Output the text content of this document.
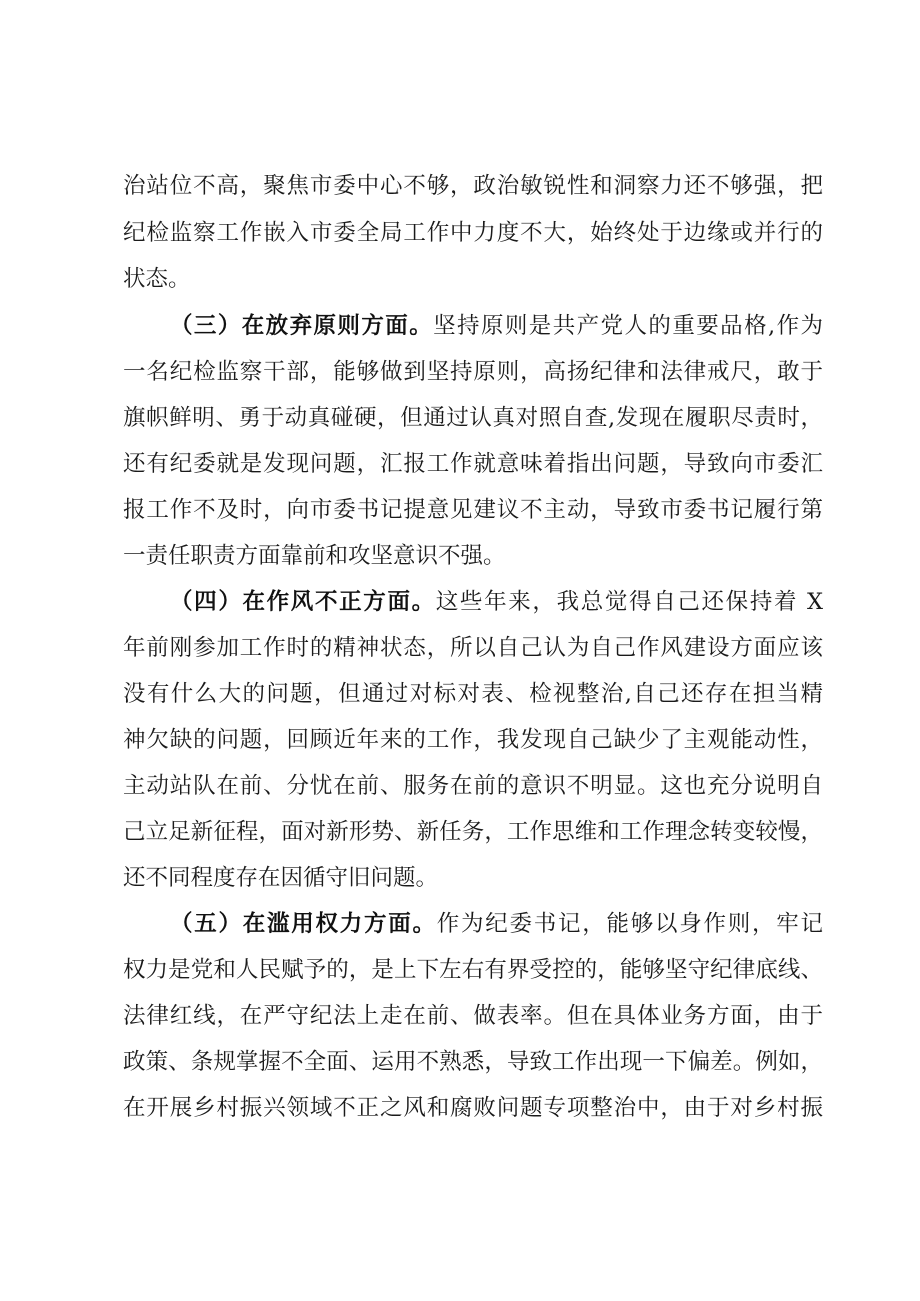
治站位不高，聚焦市委中心不够，政治敏锐性和洞察力还不够强，把
纪检监察工作嵌入市委全局工作中力度不大，始终处于边缘或并行的
状态。
（三）在放弃原则方面。坚持原则是共产党人的重要品格,作为
一名纪检监察干部，能够做到坚持原则，高扬纪律和法律戒尺，敢于
旗帜鲜明、勇于动真碰硬，但通过认真对照自查,发现在履职尽责时，
还有纪委就是发现问题，汇报工作就意味着指出问题，导致向市委汇
报工作不及时，向市委书记提意见建议不主动，导致市委书记履行第
一责任职责方面靠前和攻坚意识不强。
（四）在作风不正方面。这些年来，我总觉得自己还保持着 X
年前刚参加工作时的精神状态，所以自己认为自己作风建设方面应该
没有什么大的问题，但通过对标对表、检视整治,自己还存在担当精
神欠缺的问题，回顾近年来的工作，我发现自己缺少了主观能动性，
主动站队在前、分忧在前、服务在前的意识不明显。这也充分说明自
己立足新征程，面对新形势、新任务，工作思维和工作理念转变较慢，
还不同程度存在因循守旧问题。
（五）在滥用权力方面。作为纪委书记，能够以身作则，牢记
权力是党和人民赋予的，是上下左右有界受控的，能够坚守纪律底线、
法律红线，在严守纪法上走在前、做表率。但在具体业务方面，由于
政策、条规掌握不全面、运用不熟悉，导致工作出现一下偏差。例如，
在开展乡村振兴领域不正之风和腐败问题专项整治中，由于对乡村振
